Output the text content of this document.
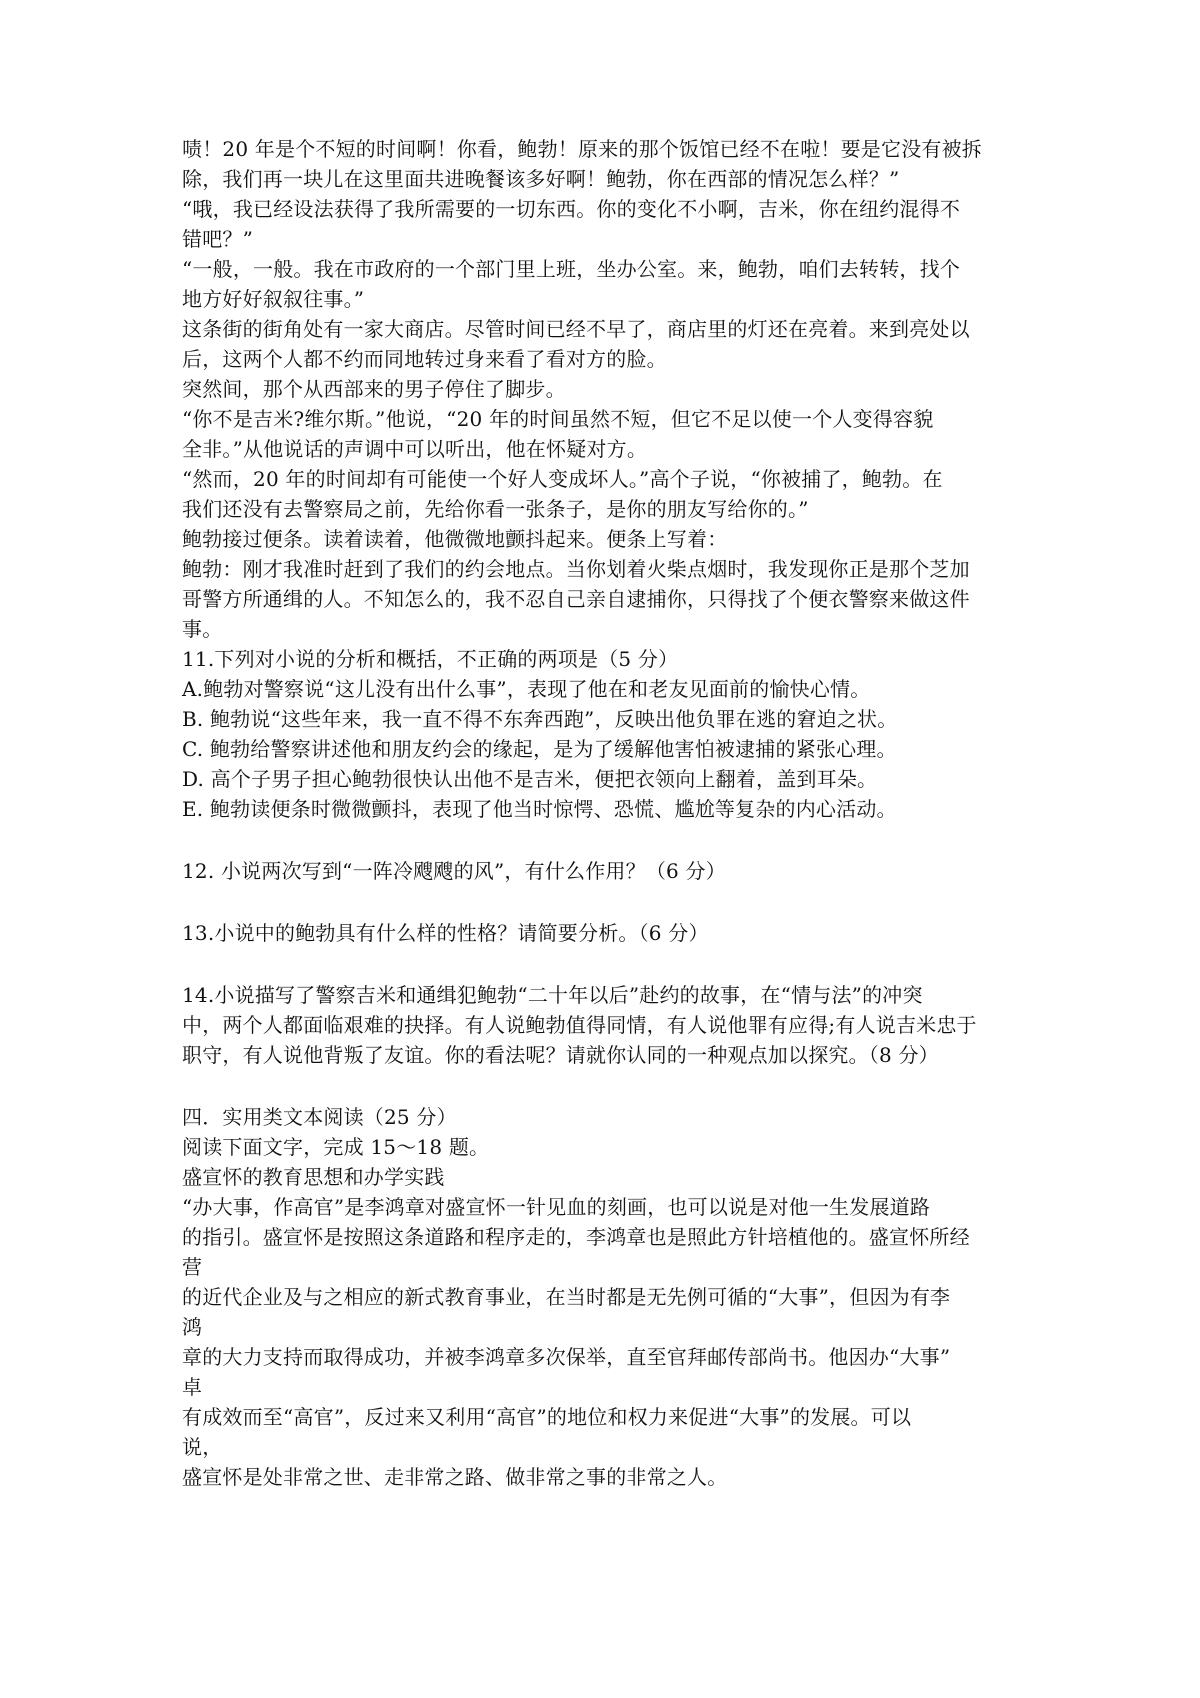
啧！20 年是个不短的时间啊！你看，鲍勃！原来的那个饭馆已经不在啦！要是它没有被拆

除，我们再一块儿在这里面共进晚餐该多好啊！鲍勃，你在西部的情况怎么样？”

“哦，我已经设法获得了我所需要的一切东西。你的变化不小啊，吉米，你在纽约混得不

错吧？”

“一般，一般。我在市政府的一个部门里上班，坐办公室。来，鲍勃，咱们去转转，找个

地方好好叙叙往事。”

这条街的街角处有一家大商店。尽管时间已经不早了，商店里的灯还在亮着。来到亮处以

后，这两个人都不约而同地转过身来看了看对方的脸。

突然间，那个从西部来的男子停住了脚步。

“你不是吉米?维尔斯。”他说，“20 年的时间虽然不短，但它不足以使一个人变得容貌

全非。”从他说话的声调中可以听出，他在怀疑对方。

“然而，20 年的时间却有可能使一个好人变成坏人。”高个子说，“你被捕了，鲍勃。在

我们还没有去警察局之前，先给你看一张条子，是你的朋友写给你的。”

鲍勃接过便条。读着读着，他微微地颤抖起来。便条上写着：

鲍勃：刚才我准时赶到了我们的约会地点。当你划着火柴点烟时，我发现你正是那个芝加

哥警方所通缉的人。不知怎么的，我不忍自己亲自逮捕你，只得找了个便衣警察来做这件

事。

11.下列对小说的分析和概括，不正确的两项是（5 分）

A.鲍勃对警察说“这儿没有出什么事”，表现了他在和老友见面前的愉快心情。

B. 鲍勃说“这些年来，我一直不得不东奔西跑”，反映出他负罪在逃的窘迫之状。

C. 鲍勃给警察讲述他和朋友约会的缘起，是为了缓解他害怕被逮捕的紧张心理。

D. 高个子男子担心鲍勃很快认出他不是吉米，便把衣领向上翻着，盖到耳朵。

E. 鲍勃读便条时微微颤抖，表现了他当时惊愕、恐慌、尴尬等复杂的内心活动。

12. 小说两次写到“一阵冷飕飕的风”，有什么作用？（6 分）

13.小说中的鲍勃具有什么样的性格？请简要分析。（6 分）

14.小说描写了警察吉米和通缉犯鲍勃“二十年以后”赴约的故事，在“情与法”的冲突

中，两个人都面临艰难的抉择。有人说鲍勃值得同情，有人说他罪有应得;有人说吉米忠于

职守，有人说他背叛了友谊。你的看法呢？请就你认同的一种观点加以探究。（8 分）

四．实用类文本阅读（25 分）

阅读下面文字，完成 15～18 题。

盛宣怀的教育思想和办学实践

“办大事，作高官”是李鸿章对盛宣怀一针见血的刻画，也可以说是对他一生发展道路

的指引。盛宣怀是按照这条道路和程序走的，李鸿章也是照此方针培植他的。盛宣怀所经

营

的近代企业及与之相应的新式教育事业，在当时都是无先例可循的“大事”，但因为有李

鸿

章的大力支持而取得成功，并被李鸿章多次保举，直至官拜邮传部尚书。他因办“大事”

卓

有成效而至“高官”，反过来又利用“高官”的地位和权力来促进“大事”的发展。可以

说，

盛宣怀是处非常之世、走非常之路、做非常之事的非常之人。
